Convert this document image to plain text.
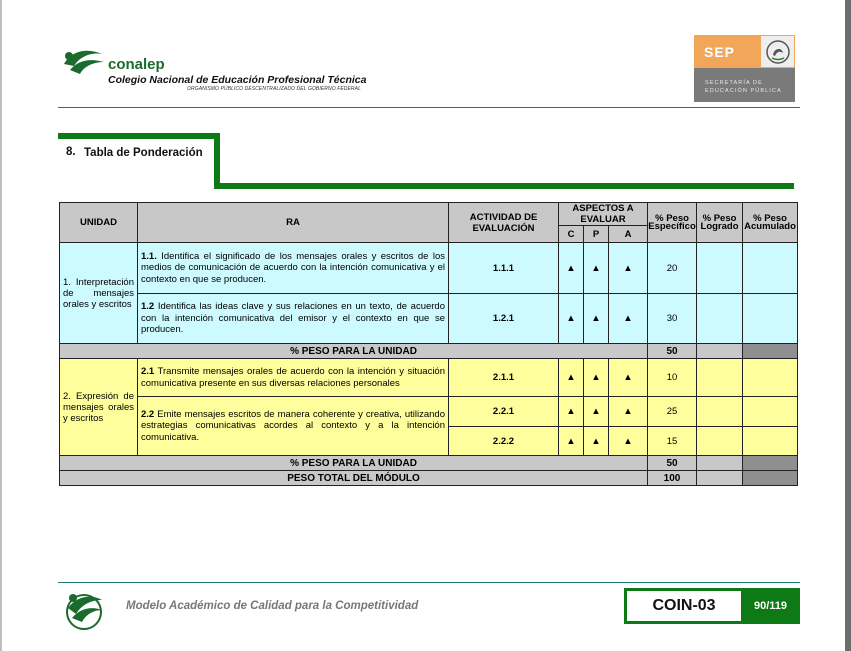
conalep
Colegio Nacional de Educación Profesional Técnica
ORGANISMO PÚBLICO DESCENTRALIZADO DEL GOBIERNO FEDERAL
SEP
SECRETARÍA DE
EDUCACIÓN PÚBLICA
8. Tabla de Ponderación
UNIDAD	RA	ACTIVIDAD DE EVALUACIÓN	ASPECTOS A EVALUAR			% Peso Específico	% Peso Logrado	% Peso Acumulado
			C	P	A			
1. Interpretación de mensajes orales y escritos	1.1. Identifica el significado de los mensajes orales y escritos de los medios de comunicación de acuerdo con la intención comunicativa y el contexto en que se producen.	1.1.1	▲	▲	▲	20		
	1.2 Identifica las ideas clave y sus relaciones en un texto, de acuerdo con la intención comunicativa del emisor y el contexto en que se producen.	1.2.1	▲	▲	▲	30		
% PESO PARA LA UNIDAD						50		
2. Expresión de mensajes orales y escritos	2.1 Transmite mensajes orales de acuerdo con la intención y situación comunicativa presente en sus diversas relaciones personales	2.1.1	▲	▲	▲	10		
	2.2 Emite mensajes escritos de manera coherente y creativa, utilizando estrategias comunicativas acordes al contexto y a la intención comunicativa.	2.2.1	▲	▲	▲	25		
		2.2.2	▲	▲	▲	15		
% PESO PARA LA UNIDAD						50		
PESO TOTAL DEL MÓDULO						100		
Modelo Académico de Calidad para la Competitividad	COIN-03	90/119
